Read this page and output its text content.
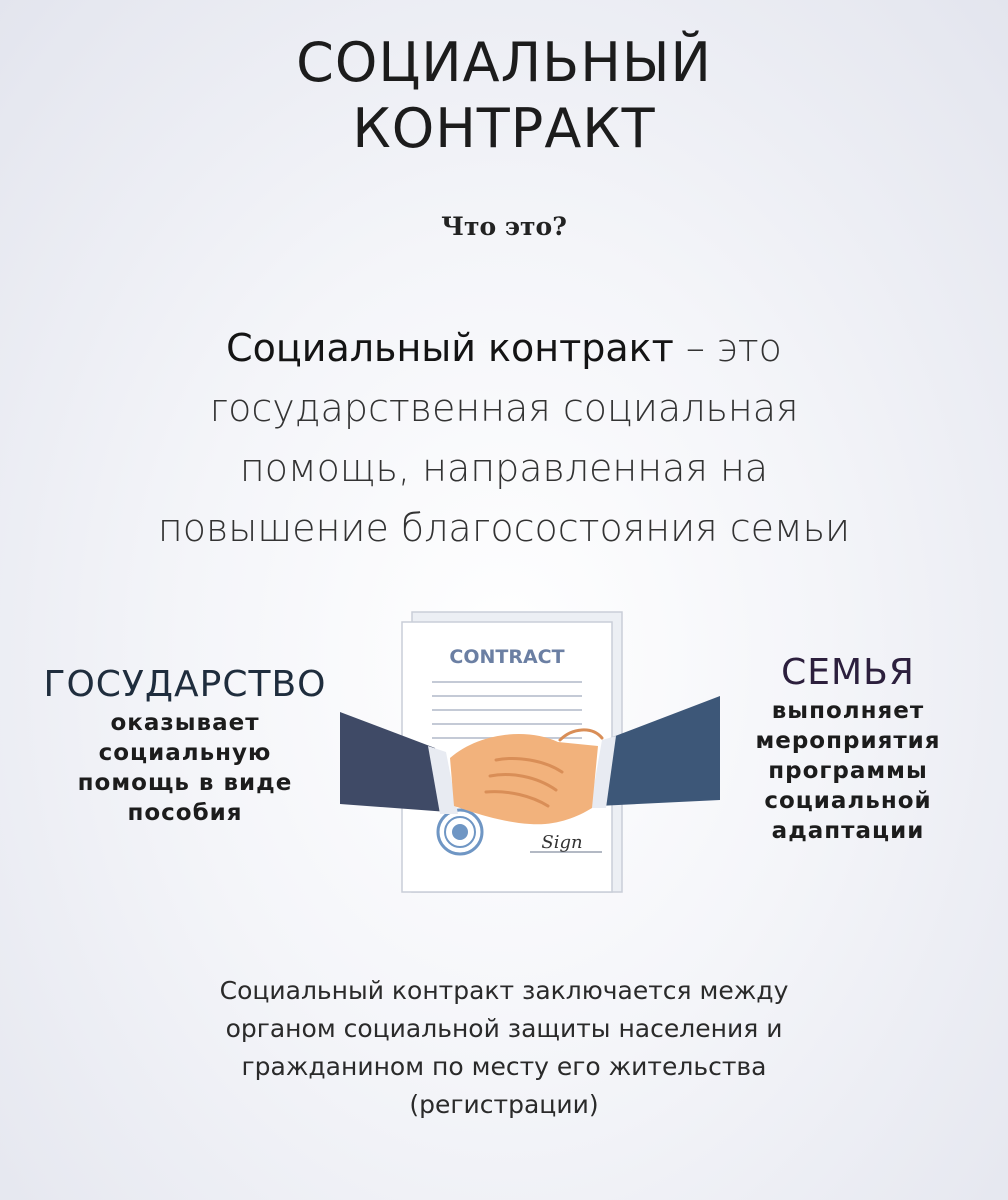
СОЦИАЛЬНЫЙ
КОНТРАКТ
Что это?
Социальный контракт – это
государственная социальная
помощь, направленная на
повышение благосостояния семьи
ГОСУДАРСТВО
оказывает
социальную
помощь в виде
пособия
СЕМЬЯ
выполняет
мероприятия
программы
социальной
адаптации
CONTRACT
Sign
Социальный контракт заключается между
органом социальной защиты населения и
гражданином по месту его жительства
(регистрации)
